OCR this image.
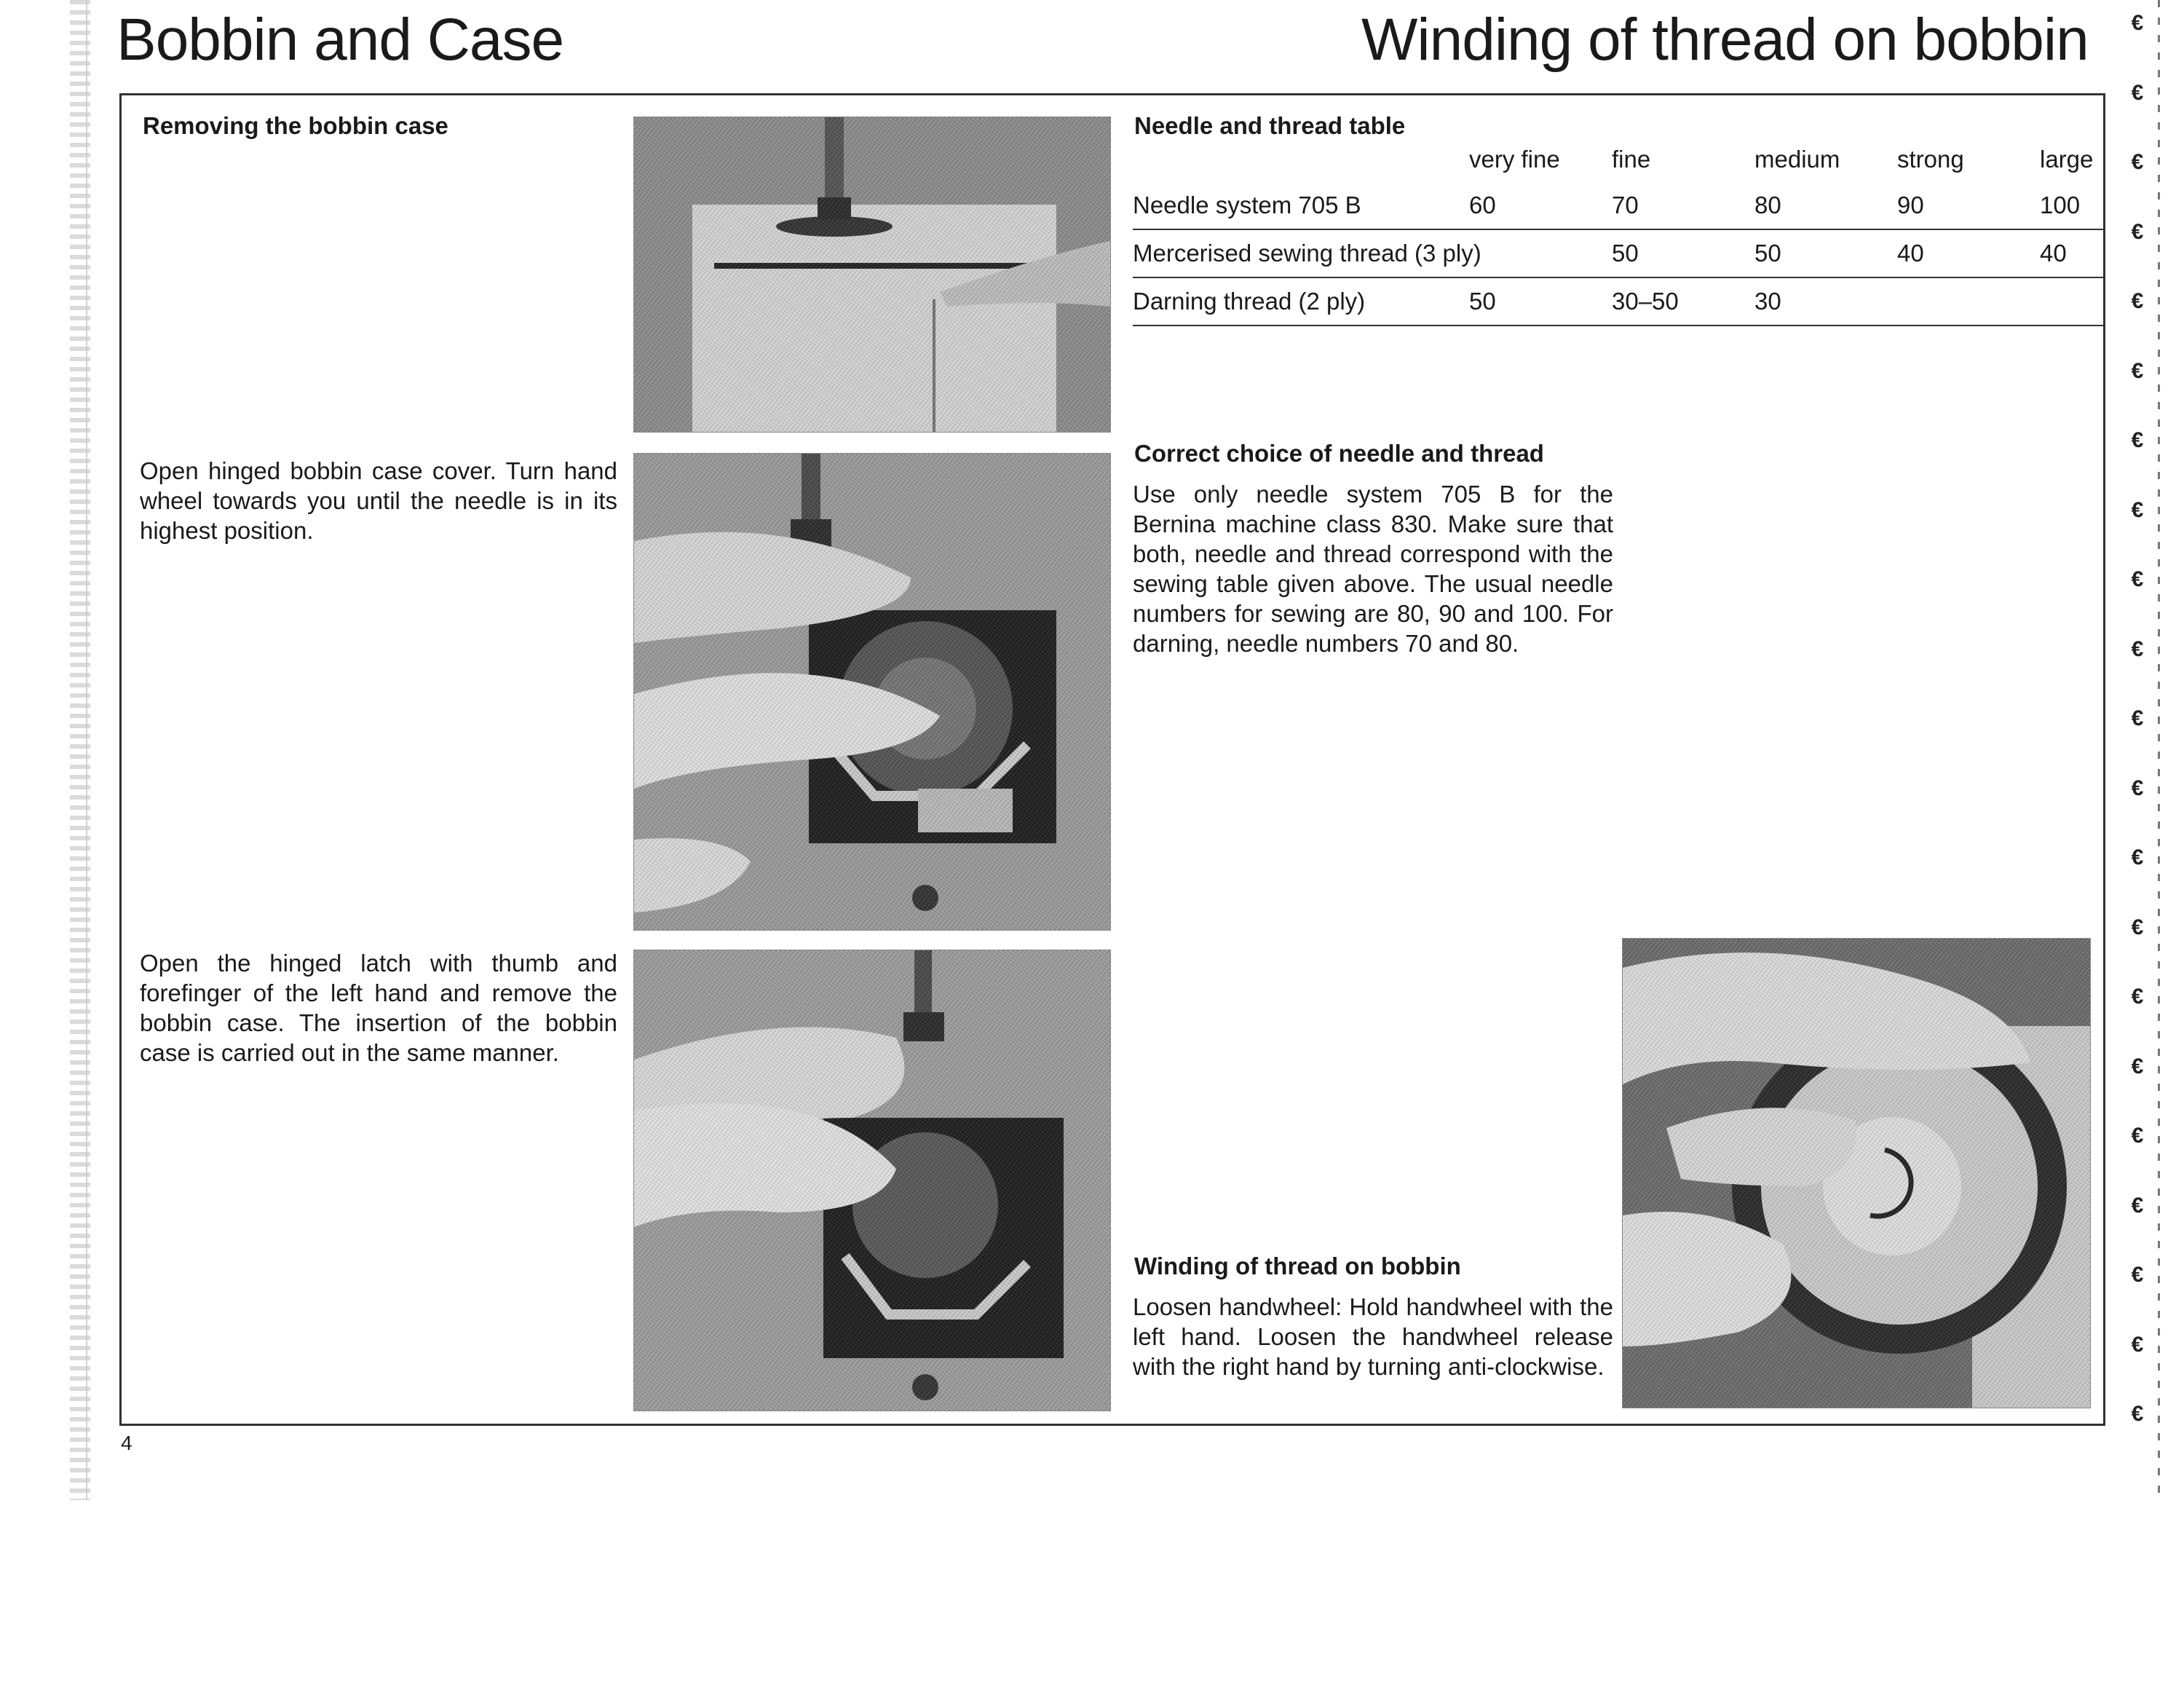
Bobbin and Case	Winding of thread on bobbin
Removing the bobbin case
Open hinged bobbin case cover. Turn hand wheel towards you until the needle is in its highest position.
Open the hinged latch with thumb and forefinger of the left hand and remove the bobbin case. The insertion of the bobbin case is carried out in the same manner.
Needle and thread table
	very fine	fine	medium	strong	large
Needle system 705 B	60	70	80	90	100
Mercerised sewing thread (3 ply)		50	50	40	40
Darning thread (2 ply)	50	30–50	30		
Correct choice of needle and thread
Use only needle system 705 B for the Bernina machine class 830. Make sure that both, needle and thread correspond with the sewing table given above. The usual needle numbers for sewing are 80, 90 and 100. For darning, needle numbers 70 and 80.
Winding of thread on bobbin
Loosen handwheel: Hold handwheel with the left hand. Loosen the handwheel release with the right hand by turning anti-clockwise.
€
€
€
€
€
€
€
€
€
€
€
€
€
€
€
€
€
€
€
€
€
4
